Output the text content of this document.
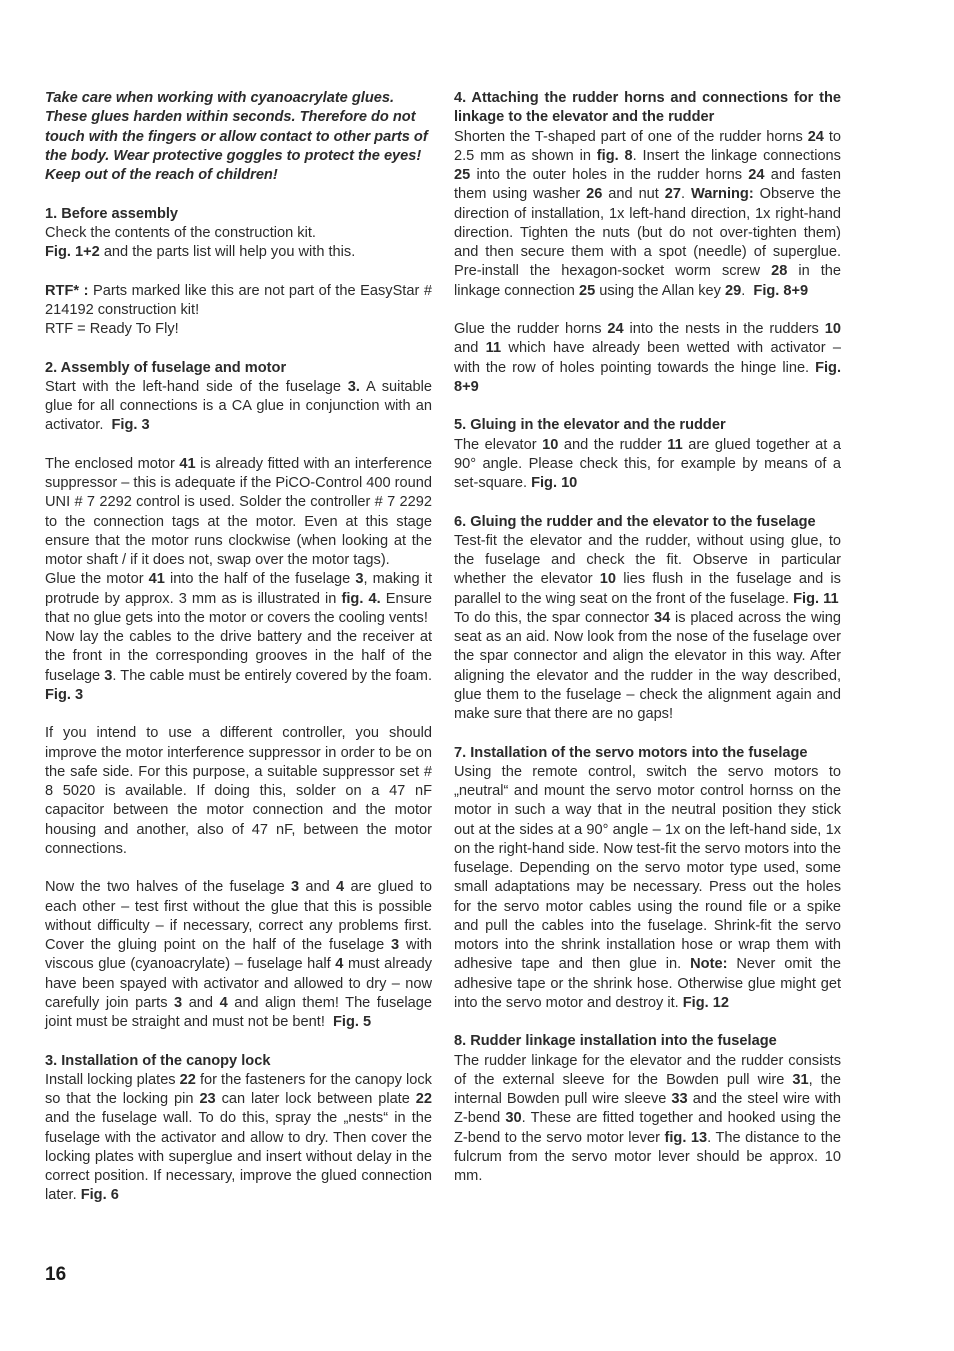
Take care when working with cyanoacrylate glues. These glues harden within seconds. Therefore do not touch with the fingers or allow contact to other parts of the body. Wear protective goggles to protect the eyes! Keep out of the reach of children!

1. Before assembly
Check the contents of the construction kit.
Fig. 1+2 and the parts list will help you with this.

RTF* : Parts marked like this are not part of the EasyStar # 214192 construction kit!
RTF = Ready To Fly!

2. Assembly of fuselage and motor
Start with the left-hand side of the fuselage 3. A suitable glue for all connections is a CA glue in conjunction with an activator. Fig. 3

The enclosed motor 41 is already fitted with an interference suppressor – this is adequate if the PiCO-Control 400 round UNI # 7 2292 control is used. Solder the controller # 7 2292 to the connection tags at the motor. Even at this stage ensure that the motor runs clockwise (when looking at the motor shaft / if it does not, swap over the motor tags).
Glue the motor 41 into the half of the fuselage 3, making it protrude by approx. 3 mm as is illustrated in fig. 4. Ensure that no glue gets into the motor or covers the cooling vents!
Now lay the cables to the drive battery and the receiver at the front in the corresponding grooves in the half of the fuselage 3. The cable must be entirely covered by the foam. Fig. 3

If you intend to use a different controller, you should improve the motor interference suppressor in order to be on the safe side. For this purpose, a suitable suppressor set # 8 5020 is available. If doing this, solder on a 47 nF capacitor between the motor connection and the motor housing and another, also of 47 nF, between the motor connections.

Now the two halves of the fuselage 3 and 4 are glued to each other – test first without the glue that this is possible without difficulty – if necessary, correct any problems first. Cover the gluing point on the half of the fuselage 3 with viscous glue (cyanoacrylate) – fuselage half 4 must already have been spayed with activator and allowed to dry – now carefully join parts 3 and 4 and align them! The fuselage joint must be straight and must not be bent! Fig. 5

3. Installation of the canopy lock
Install locking plates 22 for the fasteners for the canopy lock so that the locking pin 23 can later lock between plate 22 and the fuselage wall. To do this, spray the „nests“ in the fuselage with the activator and allow to dry. Then cover the locking plates with superglue and insert without delay in the correct position. If necessary, improve the glued connection later. Fig. 6

4. Attaching the rudder horns and connections for the linkage to the elevator and the rudder
Shorten the T-shaped part of one of the rudder horns 24 to 2.5 mm as shown in fig. 8. Insert the linkage connections 25 into the outer holes in the rudder horns 24 and fasten them using washer 26 and nut 27. Warning: Observe the direction of installation, 1x left-hand direction, 1x right-hand direction. Tighten the nuts (but do not over-tighten them) and then secure them with a spot (needle) of superglue. Pre-install the hexagon-socket worm screw 28 in the linkage connection 25 using the Allan key 29. Fig. 8+9

Glue the rudder horns 24 into the nests in the rudders 10 and 11 which have already been wetted with activator – with the row of holes pointing towards the hinge line. Fig. 8+9

5. Gluing in the elevator and the rudder
The elevator 10 and the rudder 11 are glued together at a 90° angle. Please check this, for example by means of a set-square. Fig. 10

6. Gluing the rudder and the elevator to the fuselage
Test-fit the elevator and the rudder, without using glue, to the fuselage and check the fit. Observe in particular whether the elevator 10 lies flush in the fuselage and is parallel to the wing seat on the front of the fuselage. Fig. 11
To do this, the spar connector 34 is placed across the wing seat as an aid. Now look from the nose of the fuselage over the spar connector and align the elevator in this way. After aligning the elevator and the rudder in the way described, glue them to the fuselage – check the alignment again and make sure that there are no gaps!

7. Installation of the servo motors into the fuselage
Using the remote control, switch the servo motors to „neutral“ and mount the servo motor control hornss on the motor in such a way that in the neutral position they stick out at the sides at a 90° angle – 1x on the left-hand side, 1x on the right-hand side. Now test-fit the servo motors into the fuselage. Depending on the servo motor type used, some small adaptations may be necessary. Press out the holes for the servo motor cables using the round file or a spike and pull the cables into the fuselage. Shrink-fit the servo motors into the shrink installation hose or wrap them with adhesive tape and then glue in. Note: Never omit the adhesive tape or the shrink hose. Otherwise glue might get into the servo motor and destroy it. Fig. 12

8. Rudder linkage installation into the fuselage
The rudder linkage for the elevator and the rudder consists of the external sleeve for the Bowden pull wire 31, the internal Bowden pull wire sleeve 33 and the steel wire with Z-bend 30. These are fitted together and hooked using the Z-bend to the servo motor lever fig. 13. The distance to the fulcrum from the servo motor lever should be approx. 10 mm.

16
